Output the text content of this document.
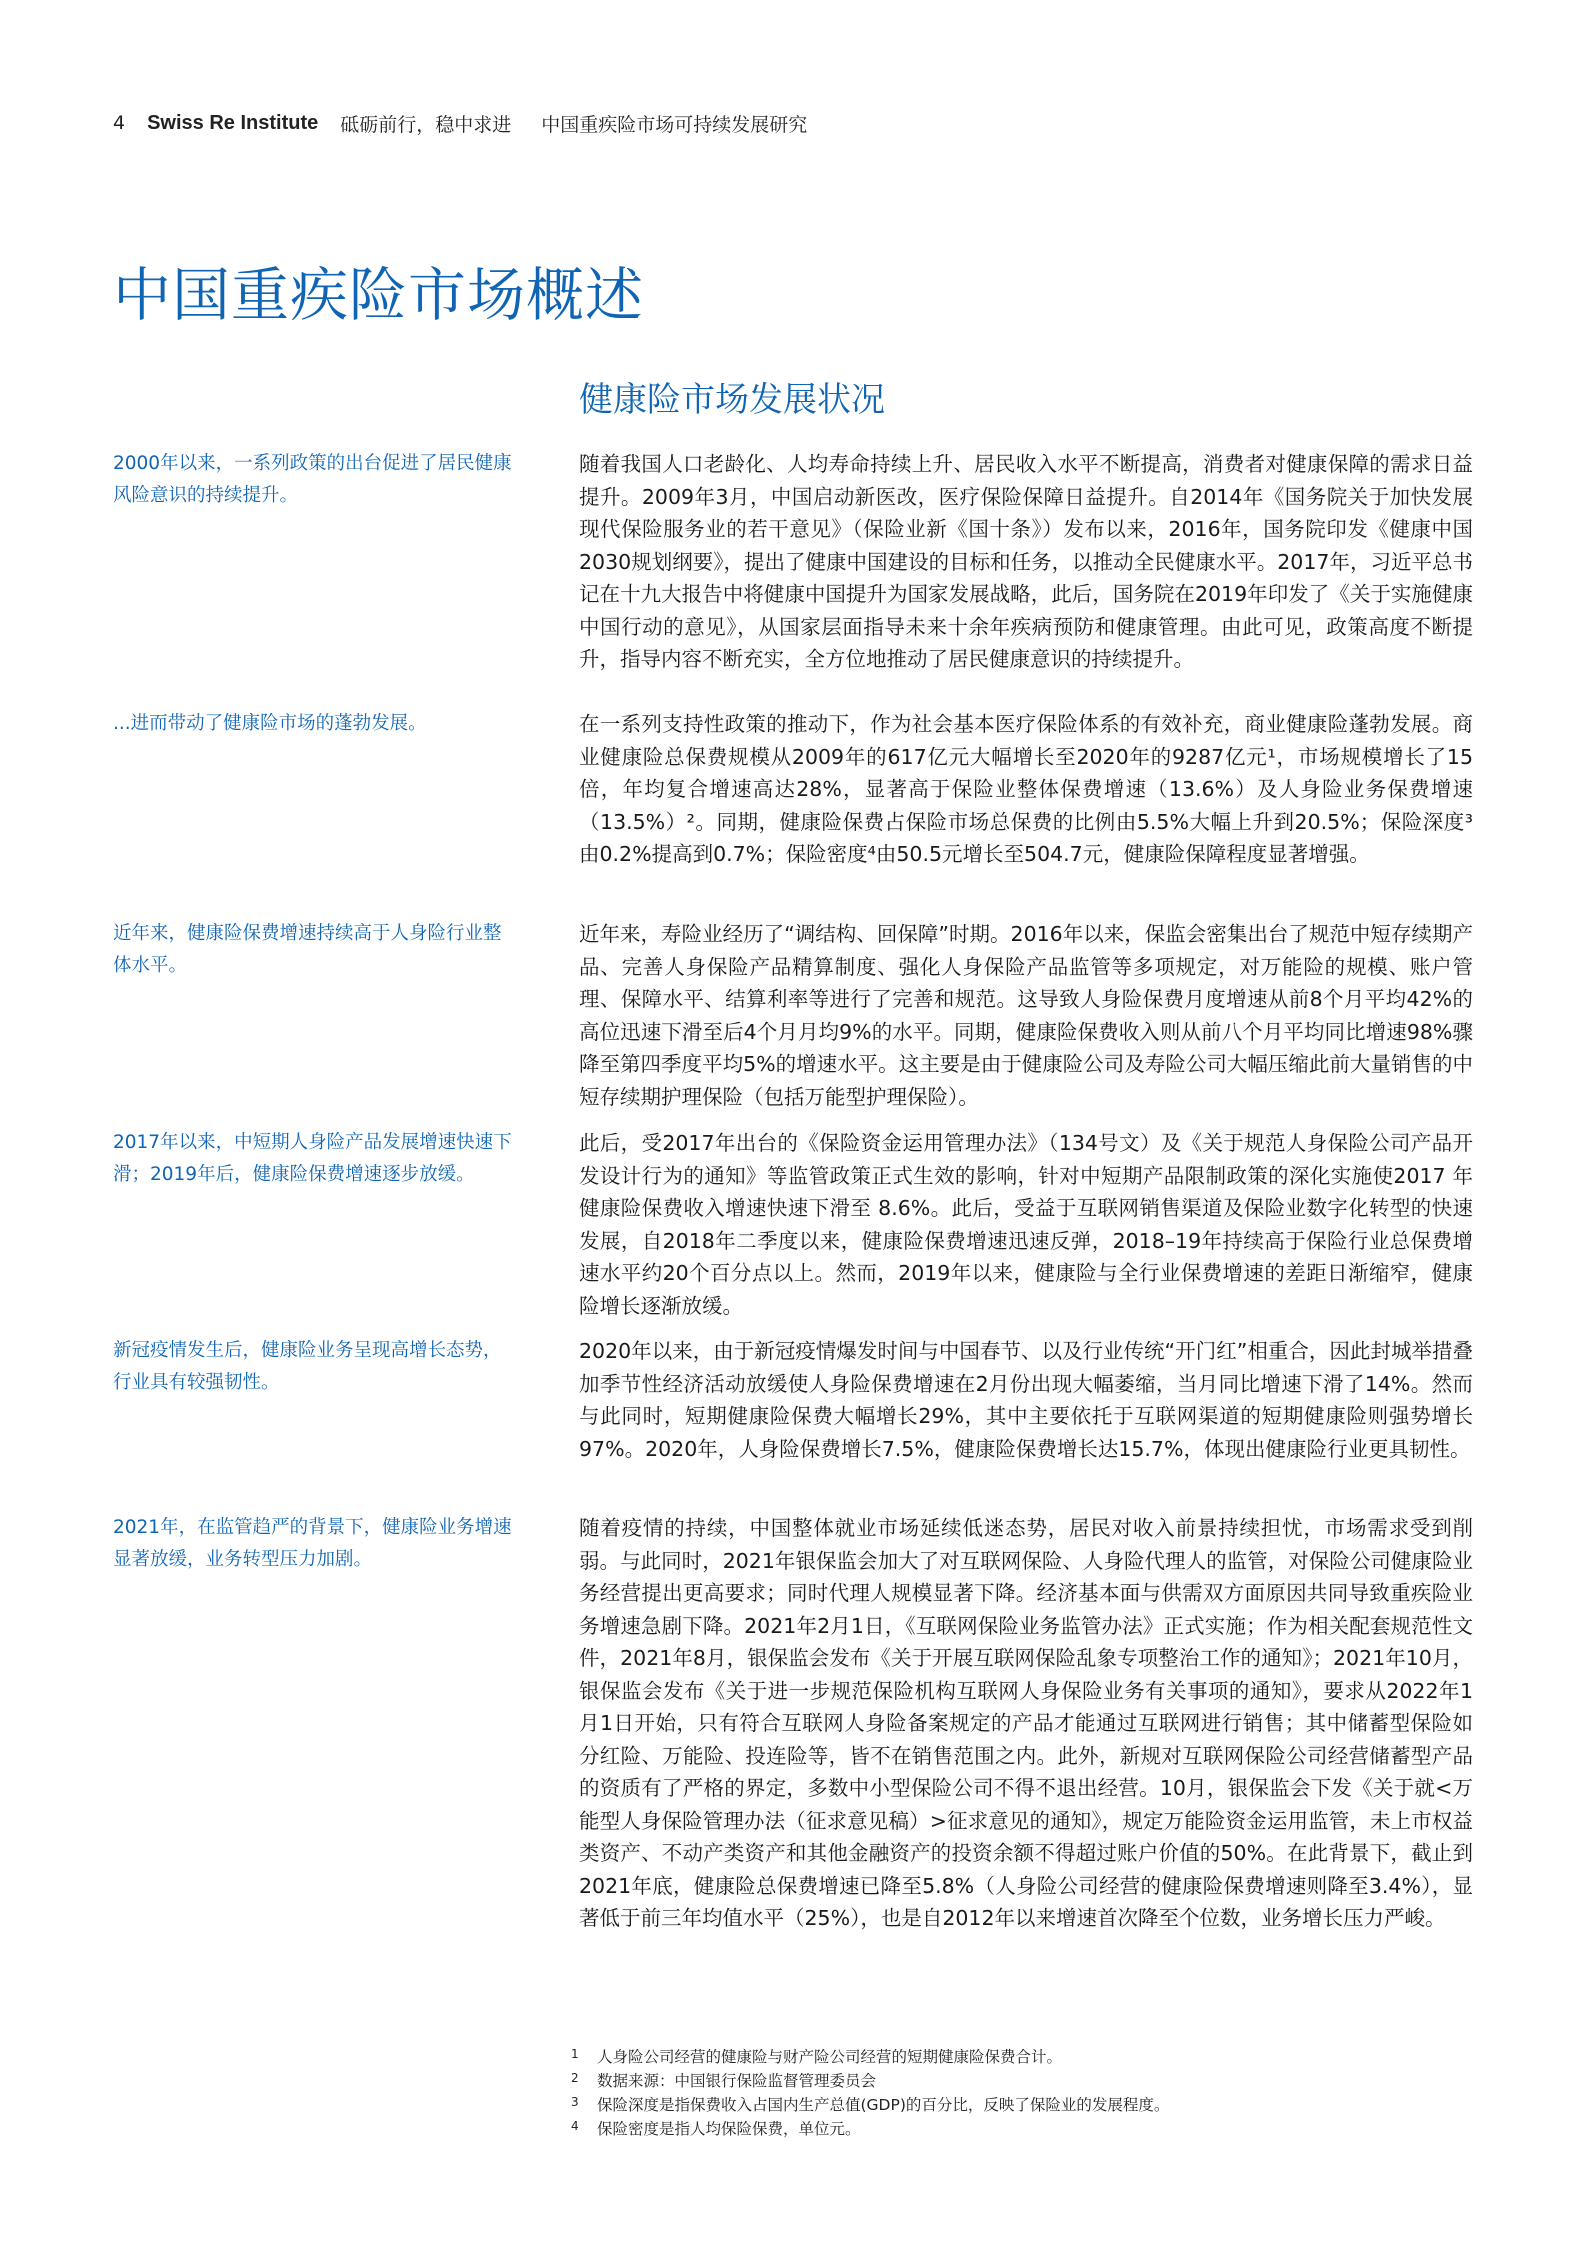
4 Swiss Re Institute 砥砺前行，稳中求进 中国重疾险市场可持续发展研究
中国重疾险市场概述
健康险市场发展状况
2000年以来，一系列政策的出台促进了居民健康风险意识的持续提升。

随着我国人口老龄化、人均寿命持续上升、居民收入水平不断提高，消费者对健康保障的需求日益提升。2009年3月，中国启动新医改，医疗保险保障日益提升。自2014年《国务院关于加快发展现代保险服务业的若干意见》（保险业新《国十条》）发布以来，2016年，国务院印发《健康中国2030规划纲要》，提出了健康中国建设的目标和任务，以推动全民健康水平。2017年，习近平总书记在十九大报告中将健康中国提升为国家发展战略，此后，国务院在2019年印发了《关于实施健康中国行动的意见》，从国家层面指导未来十余年疾病预防和健康管理。由此可见，政策高度不断提升，指导内容不断充实，全方位地推动了居民健康意识的持续提升。

...进而带动了健康险市场的蓬勃发展。	在一系列支持性政策的推动下，作为社会基本医疗保险体系的有效补充，商业健康险蓬勃发展。商业健康险总保费规模从2009年的617亿元大幅增长至2020年的9287亿元¹，市场规模增长了15倍，年均复合增速高达28%，显著高于保险业整体保费增速（13.6%）及人身险业务保费增速（13.5%）²。同期，健康险保费占保险市场总保费的比例由5.5%大幅上升到20.5%；保险深度³由0.2%提高到0.7%；保险密度⁴由50.5元增长至504.7元，健康险保障程度显著增强。

近年来，健康险保费增速持续高于人身险行业整体水平。

近年来，寿险业经历了“调结构、回保障”时期。2016年以来，保监会密集出台了规范中短存续期产品、完善人身保险产品精算制度、强化人身保险产品监管等多项规定，对万能险的规模、账户管理、保障水平、结算利率等进行了完善和规范。这导致人身险保费月度增速从前8个月平均42%的高位迅速下滑至后4个月月均9%的水平。同期，健康险保费收入则从前八个月平均同比增速98%骤降至第四季度平均5%的增速水平。这主要是由于健康险公司及寿险公司大幅压缩此前大量销售的中短存续期护理保险（包括万能型护理保险）。

2017年以来，中短期人身险产品发展增速快速下滑；2019年后，健康险保费增速逐步放缓。

此后，受2017年出台的《保险资金运用管理办法》（134号文）及《关于规范人身保险公司产品开发设计行为的通知》等监管政策正式生效的影响，针对中短期产品限制政策的深化实施使2017 年健康险保费收入增速快速下滑至 8.6%。此后，受益于互联网销售渠道及保险业数字化转型的快速发展，自2018年二季度以来，健康险保费增速迅速反弹，2018–19年持续高于保险行业总保费增速水平约20个百分点以上。然而，2019年以来，健康险与全行业保费增速的差距日渐缩窄，健康险增长逐渐放缓。

新冠疫情发生后，健康险业务呈现高增长态势，行业具有较强韧性。

2020年以来，由于新冠疫情爆发时间与中国春节、以及行业传统“开门红”相重合，因此封城举措叠加季节性经济活动放缓使人身险保费增速在2月份出现大幅萎缩，当月同比增速下滑了14%。然而与此同时，短期健康险保费大幅增长29%，其中主要依托于互联网渠道的短期健康险则强势增长97%。2020年，人身险保费增长7.5%，健康险保费增长达15.7%，体现出健康险行业更具韧性。

2021年，在监管趋严的背景下，健康险业务增速显著放缓，业务转型压力加剧。

随着疫情的持续，中国整体就业市场延续低迷态势，居民对收入前景持续担忧，市场需求受到削弱。与此同时，2021年银保监会加大了对互联网保险、人身险代理人的监管，对保险公司健康险业务经营提出更高要求；同时代理人规模显著下降。经济基本面与供需双方面原因共同导致重疾险业务增速急剧下降。2021年2月1日，《互联网保险业务监管办法》正式实施；作为相关配套规范性文件，2021年8月，银保监会发布《关于开展互联网保险乱象专项整治工作的通知》；2021年10月，银保监会发布《关于进一步规范保险机构互联网人身保险业务有关事项的通知》，要求从2022年1月1日开始，只有符合互联网人身险备案规定的产品才能通过互联网进行销售；其中储蓄型保险如分红险、万能险、投连险等，皆不在销售范围之内。此外，新规对互联网保险公司经营储蓄型产品的资质有了严格的界定，多数中小型保险公司不得不退出经营。10月，银保监会下发《关于就<万能型人身保险管理办法（征求意见稿）>征求意见的通知》，规定万能险资金运用监管，未上市权益类资产、不动产类资产和其他金融资产的投资余额不得超过账户价值的50%。在此背景下，截止到2021年底，健康险总保费增速已降至5.8%（人身险公司经营的健康险保费增速则降至3.4%），显著低于前三年均值水平（25%），也是自2012年以来增速首次降至个位数，业务增长压力严峻。

1	人身险公司经营的健康险与财产险公司经营的短期健康险保费合计。
2	数据来源：中国银行保险监督管理委员会
3	保险深度是指保费收入占国内生产总值(GDP)的百分比，反映了保险业的发展程度。
4	保险密度是指人均保险保费，单位元。
